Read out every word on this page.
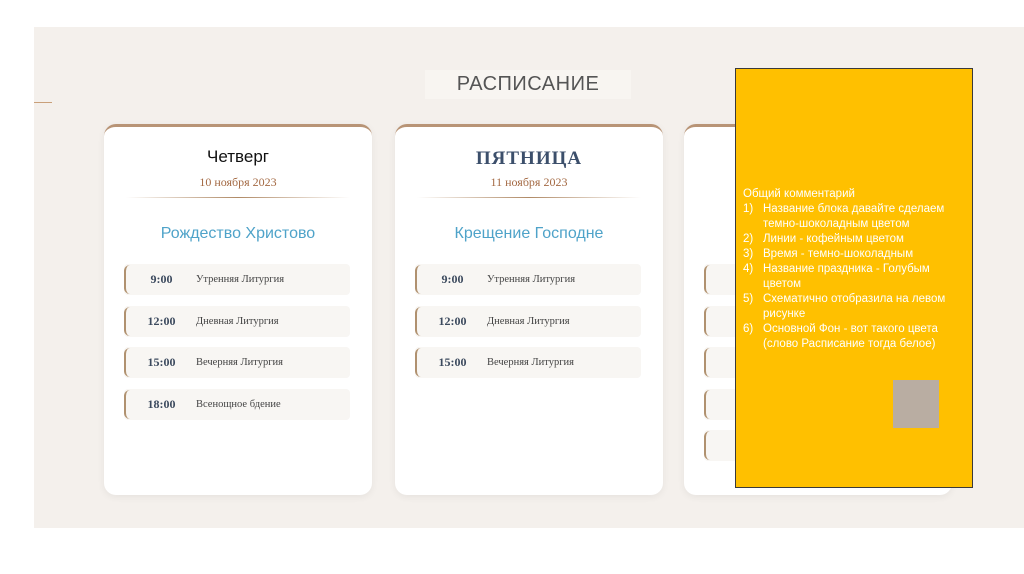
РАСПИСАНИЕ
Четверг
10 ноября 2023
Рождество Христово
9:00	Утренняя Литургия
12:00	Дневная Литургия
15:00	Вечерняя Литургия
18:00	Всенощное бдение
ПЯТНИЦА
11 ноября 2023
Крещение Господне
9:00	Утренняя Литургия
12:00	Дневная Литургия
15:00	Вечерняя Литургия

Общий комментарий

1) Название блока давайте сделаем темно-шоколадным цветом
2) Линии - кофейным цветом
3) Время - темно-шоколадным
4) Название праздника - Голубым цветом
5) Схематично отобразила на левом рисунке
6) Основной Фон - вот такого цвета (слово Расписание тогда белое)
